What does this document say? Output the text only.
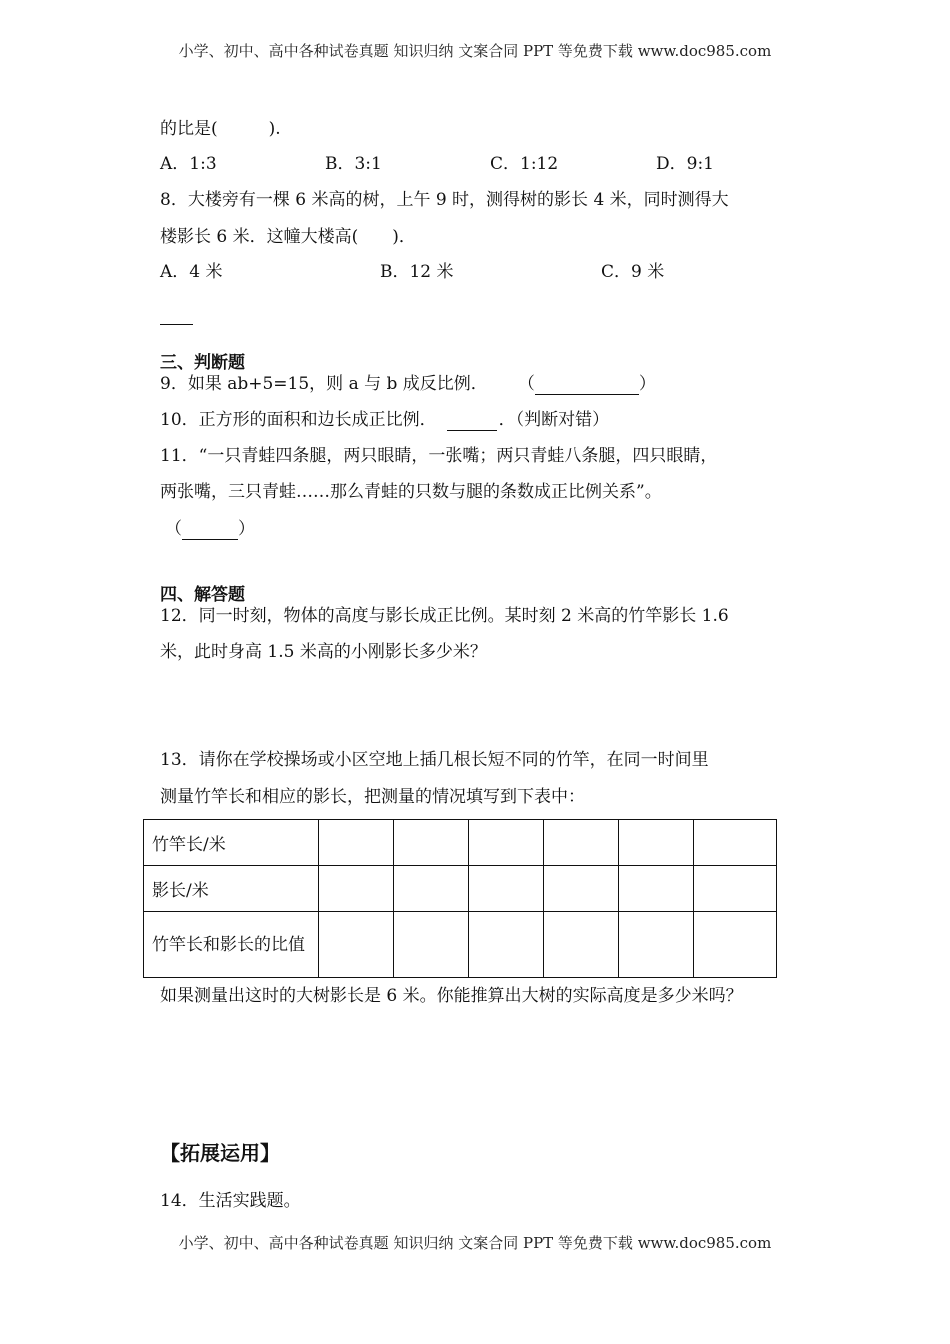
小学、初中、高中各种试卷真题 知识归纳 文案合同 PPT 等免费下载 www.doc985.com
的比是(　　　).
A．1:3	B．3:1	C．1:12	D．9:1
8．大楼旁有一棵 6 米高的树，上午 9 时，测得树的影长 4 米，同时测得大
楼影长 6 米．这幢大楼高(　　)．
A．4 米	B．12 米	C．9 米
三、判断题
9．如果 ab+5=15，则 a 与 b 成反比例． （	）
10．正方形的面积和边长成正比例．	．（判断对错）
11．“一只青蛙四条腿，两只眼睛，一张嘴；两只青蛙八条腿，四只眼睛，
两张嘴，三只青蛙……那么青蛙的只数与腿的条数成正比例关系”。
（	）
四、解答题
12．同一时刻，物体的高度与影长成正比例。某时刻 2 米高的竹竿影长 1.6
米，此时身高 1.5 米高的小刚影长多少米？
13．请你在学校操场或小区空地上插几根长短不同的竹竿，在同一时间里
测量竹竿长和相应的影长，把测量的情况填写到下表中：
竹竿长/米						
影长/米						
竹竿长和影长的比值						
如果测量出这时的大树影长是 6 米。你能推算出大树的实际高度是多少米吗？
【拓展运用】
14．生活实践题。
小学、初中、高中各种试卷真题 知识归纳 文案合同 PPT 等免费下载 www.doc985.com
